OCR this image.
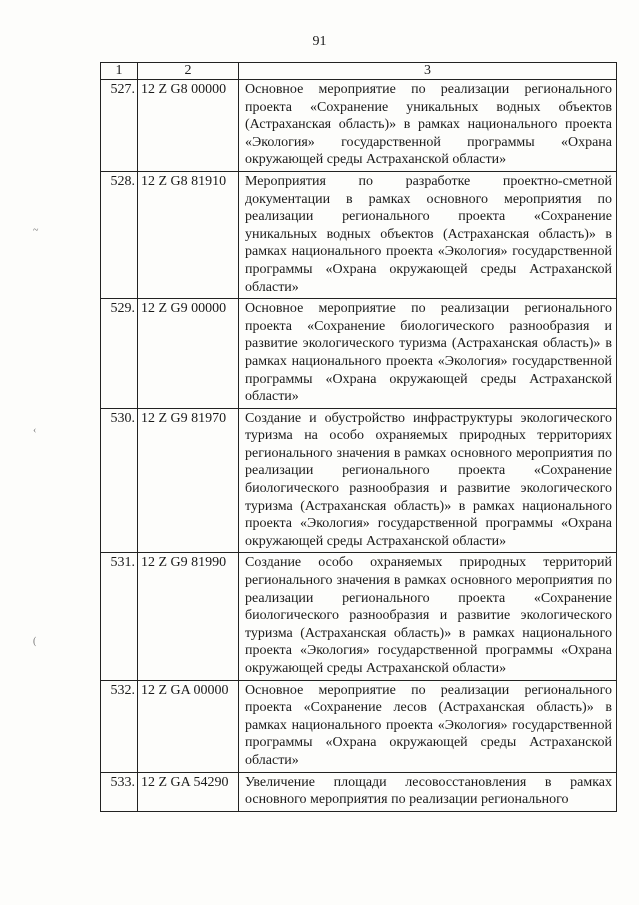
91
~
‹
(
1	2	3
527.	12 Z G8 00000	Основное мероприятие по реализации регионального проекта «Сохранение уникальных водных объектов (Астраханская область)» в рамках национального проекта «Экология» государственной программы «Охрана окружающей среды Астраханской области»
528.	12 Z G8 81910	Мероприятия по разработке проектно-сметной документации в рамках основного мероприятия по реализации регионального проекта «Сохранение уникальных водных объектов (Астраханская область)» в рамках национального проекта «Экология» государственной программы «Охрана окружающей среды Астраханской области»
529.	12 Z G9 00000	Основное мероприятие по реализации регионального проекта «Сохранение биологического разнообразия и развитие экологического туризма (Астраханская область)» в рамках национального проекта «Экология» государственной программы «Охрана окружающей среды Астраханской области»
530.	12 Z G9 81970	Создание и обустройство инфраструктуры экологического туризма на особо охраняемых природных территориях регионального значения в рамках основного мероприятия по реализации регионального проекта «Сохранение биологического разнообразия и развитие экологического туризма (Астраханская область)» в рамках национального проекта «Экология» государственной программы «Охрана окружающей среды Астраханской области»
531.	12 Z G9 81990	Создание особо охраняемых природных территорий регионального значения в рамках основного мероприятия по реализации регионального проекта «Сохранение биологического разнообразия и развитие экологического туризма (Астраханская область)» в рамках национального проекта «Экология» государственной программы «Охрана окружающей среды Астраханской области»
532.	12 Z GA 00000	Основное мероприятие по реализации регионального проекта «Сохранение лесов (Астраханская область)» в рамках национального проекта «Экология» государственной программы «Охрана окружающей среды Астраханской области»
533.	12 Z GA 54290	Увеличение площади лесовосстановления в рамках основного мероприятия по реализации регионального
